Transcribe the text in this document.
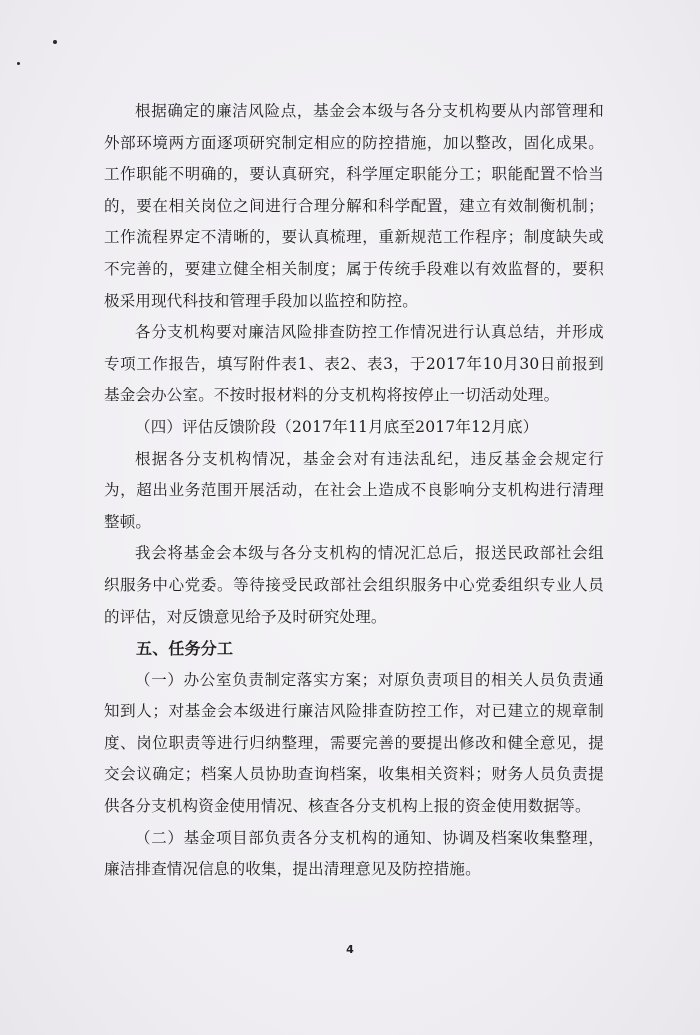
根据确定的廉洁风险点，基金会本级与各分支机构要从内部管理和外部环境两方面逐项研究制定相应的防控措施，加以整改，固化成果。工作职能不明确的，要认真研究，科学厘定职能分工；职能配置不恰当的，要在相关岗位之间进行合理分解和科学配置，建立有效制衡机制；工作流程界定不清晰的，要认真梳理，重新规范工作程序；制度缺失或不完善的，要建立健全相关制度；属于传统手段难以有效监督的，要积极采用现代科技和管理手段加以监控和防控。

各分支机构要对廉洁风险排查防控工作情况进行认真总结，并形成专项工作报告，填写附件表1、表2、表3，于2017年10月30日前报到基金会办公室。不按时报材料的分支机构将按停止一切活动处理。

（四）评估反馈阶段（2017年11月底至2017年12月底）

根据各分支机构情况，基金会对有违法乱纪，违反基金会规定行为，超出业务范围开展活动，在社会上造成不良影响分支机构进行清理整顿。

我会将基金会本级与各分支机构的情况汇总后，报送民政部社会组织服务中心党委。等待接受民政部社会组织服务中心党委组织专业人员的评估，对反馈意见给予及时研究处理。

五、任务分工

（一）办公室负责制定落实方案；对原负责项目的相关人员负责通知到人；对基金会本级进行廉洁风险排查防控工作，对已建立的规章制度、岗位职责等进行归纳整理，需要完善的要提出修改和健全意见，提交会议确定；档案人员协助查询档案，收集相关资料；财务人员负责提供各分支机构资金使用情况、核查各分支机构上报的资金使用数据等。

（二）基金项目部负责各分支机构的通知、协调及档案收集整理，廉洁排查情况信息的收集，提出清理意见及防控措施。

4
